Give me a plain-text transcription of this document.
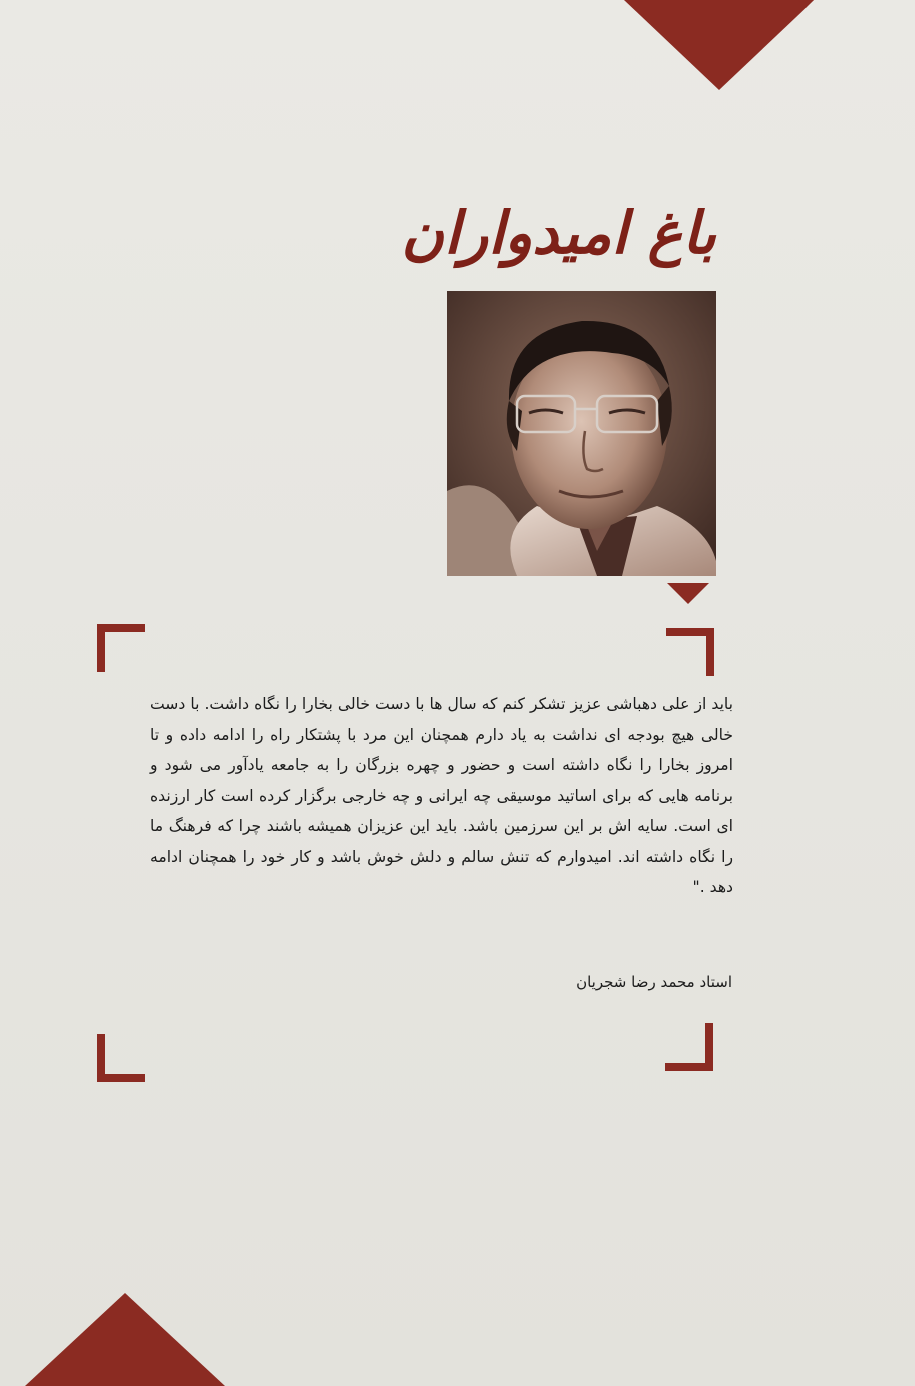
باغ امیدواران

باید از علی دهباشی عزیز تشکر کنم که سال ها با دست خالی بخارا را نگاه داشت. با دست خالی هیچ بودجه ای نداشت به یاد دارم همچنان این مرد با پشتکار راه را ادامه داده و تا امروز بخارا را نگاه داشته است و حضور و چهره بزرگان را به جامعه یادآور می شود و برنامه هایی که برای اساتید موسیقی چه ایرانی و چه خارجی برگزار کرده است کار ارزنده ای است. سایه اش بر این سرزمین باشد. باید این عزیزان همیشه باشند چرا که فرهنگ ما را نگاه داشته اند. امیدوارم که تنش سالم و دلش خوش باشد و کار خود را همچنان ادامه دهد ."

استاد محمد رضا شجریان
